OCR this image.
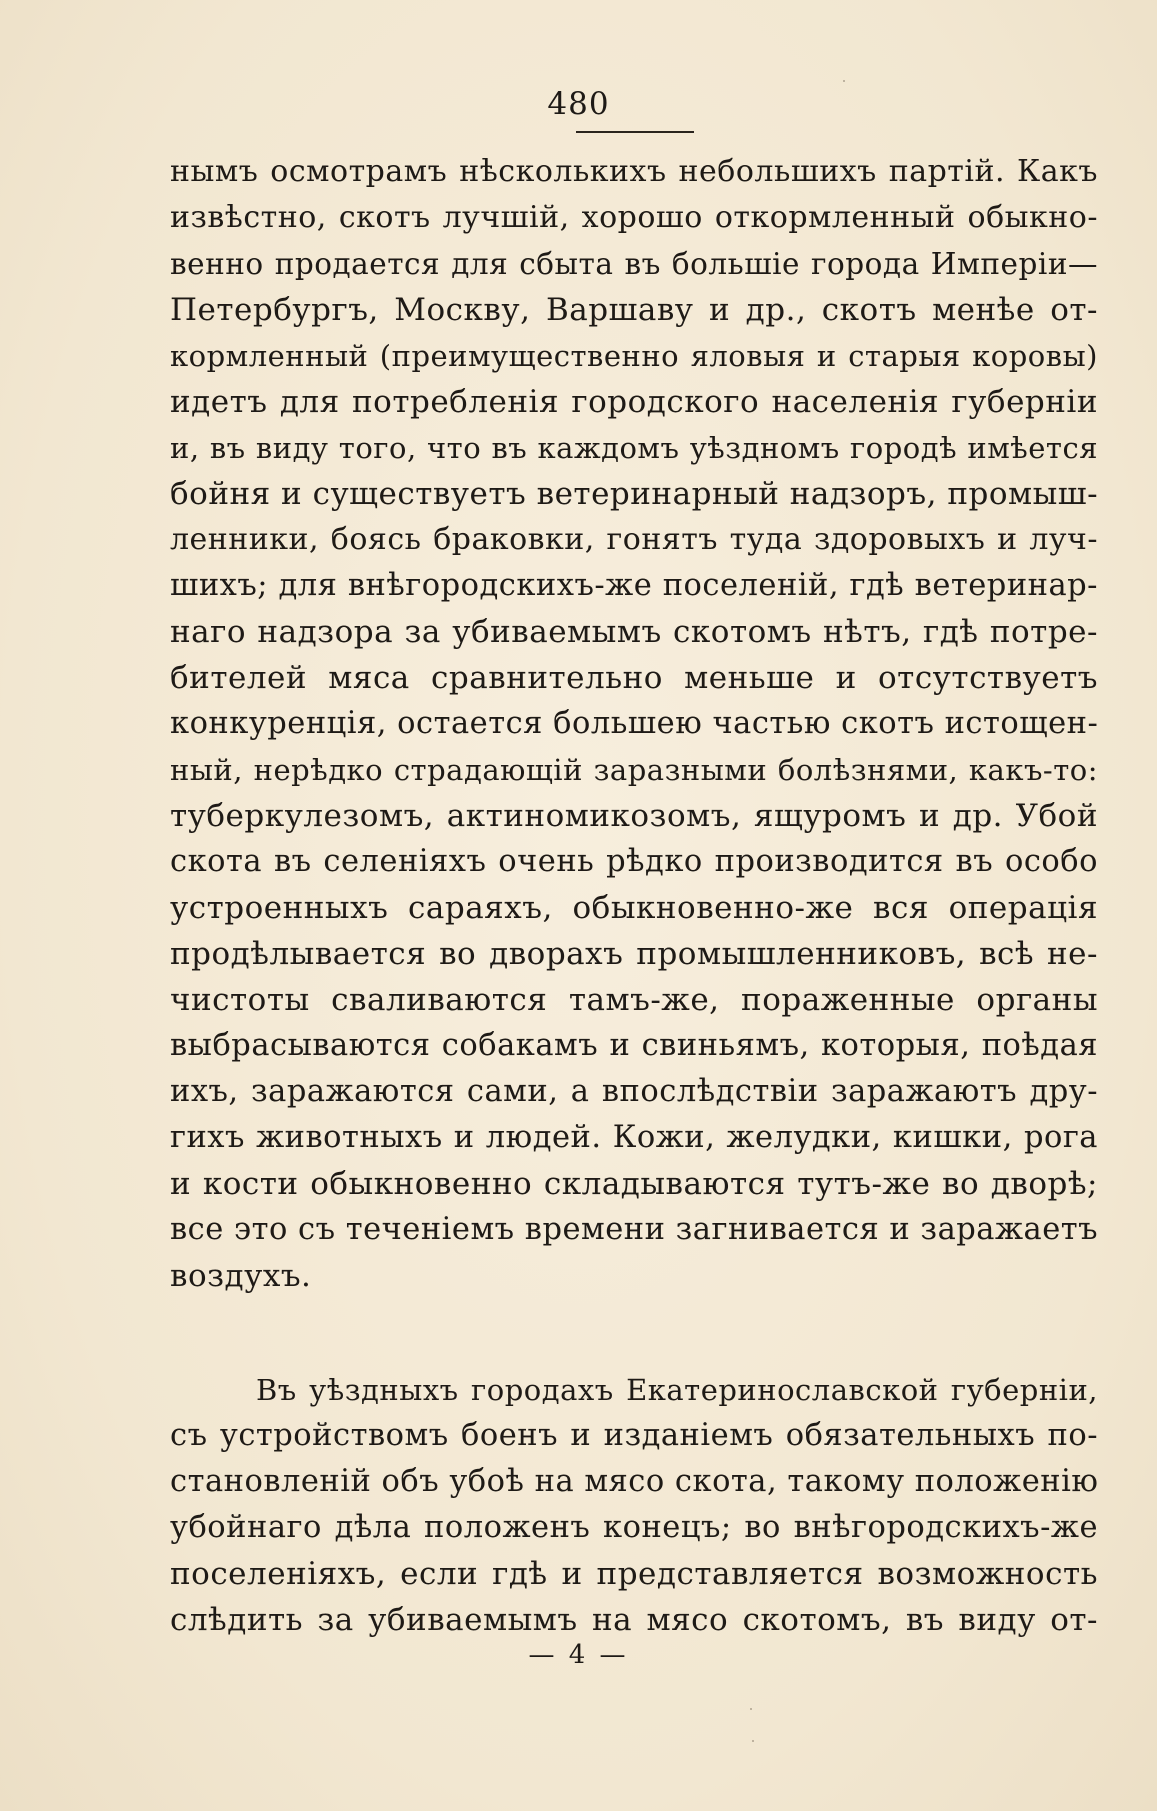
480
нымъ осмотрамъ нѣсколькихъ небольшихъ партій. Какъ
извѣстно, скотъ лучшій, хорошо откормленный обыкно-
венно продается для сбыта въ большіе города Имперіи—
Петербургъ, Москву, Варшаву и др., скотъ менѣе от-
кормленный (преимущественно яловыя и старыя коровы)
идетъ для потребленія городского населенія губерніи
и, въ виду того, что въ каждомъ уѣздномъ городѣ имѣется
бойня и существуетъ ветеринарный надзоръ, промыш-
ленники, боясь браковки, гонятъ туда здоровыхъ и луч-
шихъ; для внѣгородскихъ-же поселеній, гдѣ ветеринар-
наго надзора за убиваемымъ скотомъ нѣтъ, гдѣ потре-
бителей мяса сравнительно меньше и отсутствуетъ
конкуренція, остается большею частью скотъ истощен-
ный, нерѣдко страдающій заразными болѣзнями, какъ-то:
туберкулезомъ, актиномикозомъ, ящуромъ и др. Убой
скота въ селеніяхъ очень рѣдко производится въ особо
устроенныхъ сараяхъ, обыкновенно-же вся операція
продѣлывается во дворахъ промышленниковъ, всѣ не-
чистоты сваливаются тамъ-же, пораженные органы
выбрасываются собакамъ и свиньямъ, которыя, поѣдая
ихъ, заражаются сами, а впослѣдствіи заражаютъ дру-
гихъ животныхъ и людей. Кожи, желудки, кишки, рога
и кости обыкновенно складываются тутъ-же во дворѣ;
все это съ теченіемъ времени загнивается и заражаетъ
воздухъ.
Въ уѣздныхъ городахъ Екатеринославской губерніи,
съ устройствомъ боенъ и изданіемъ обязательныхъ по-
становленій объ убоѣ на мясо скота, такому положенію
убойнаго дѣла положенъ конецъ; во внѣгородскихъ-же
поселеніяхъ, если гдѣ и представляется возможность
слѣдить за убиваемымъ на мясо скотомъ, въ виду от-
— 4 —
